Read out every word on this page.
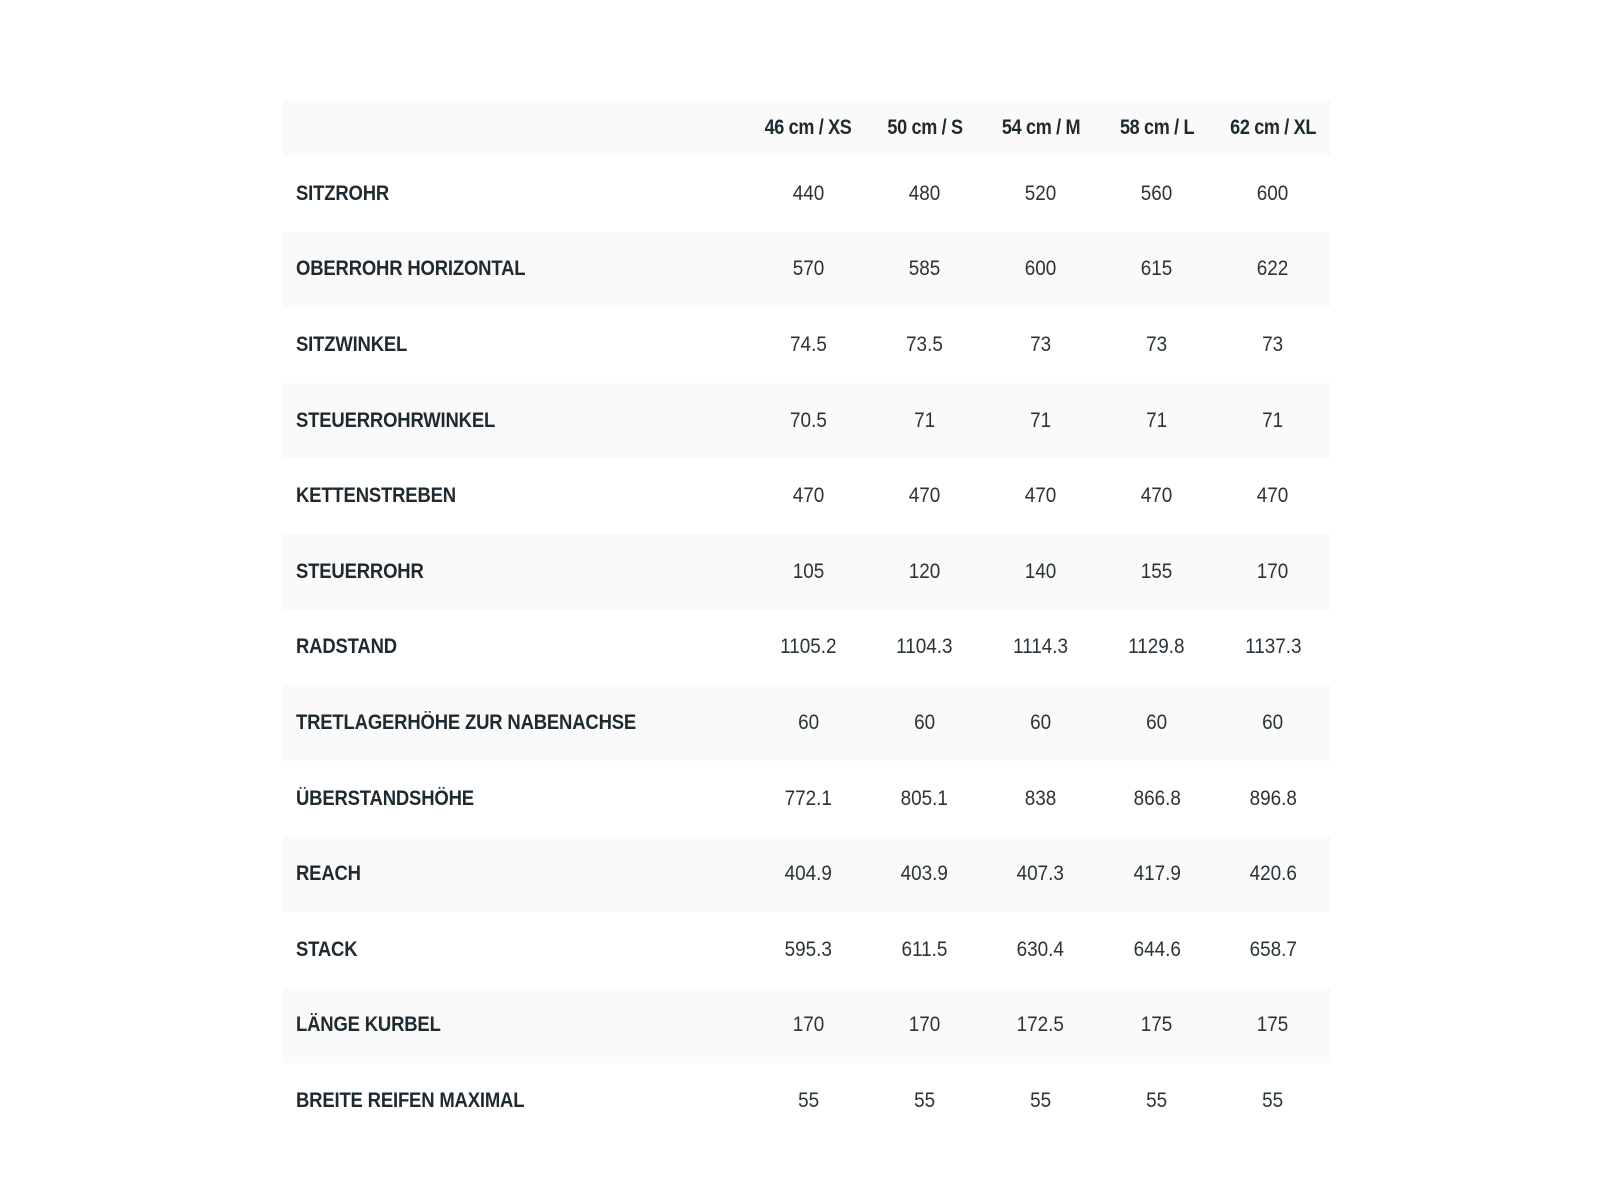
	46 cm / XS	50 cm / S	54 cm / M	58 cm / L	62 cm / XL
SITZROHR	440	480	520	560	600
OBERROHR HORIZONTAL	570	585	600	615	622
SITZWINKEL	74.5	73.5	73	73	73
STEUERROHRWINKEL	70.5	71	71	71	71
KETTENSTREBEN	470	470	470	470	470
STEUERROHR	105	120	140	155	170
RADSTAND	1105.2	1104.3	1114.3	1129.8	1137.3
TRETLAGERHÖHE ZUR NABENACHSE	60	60	60	60	60
ÜBERSTANDSHÖHE	772.1	805.1	838	866.8	896.8
REACH	404.9	403.9	407.3	417.9	420.6
STACK	595.3	611.5	630.4	644.6	658.7
LÄNGE KURBEL	170	170	172.5	175	175
BREITE REIFEN MAXIMAL	55	55	55	55	55
